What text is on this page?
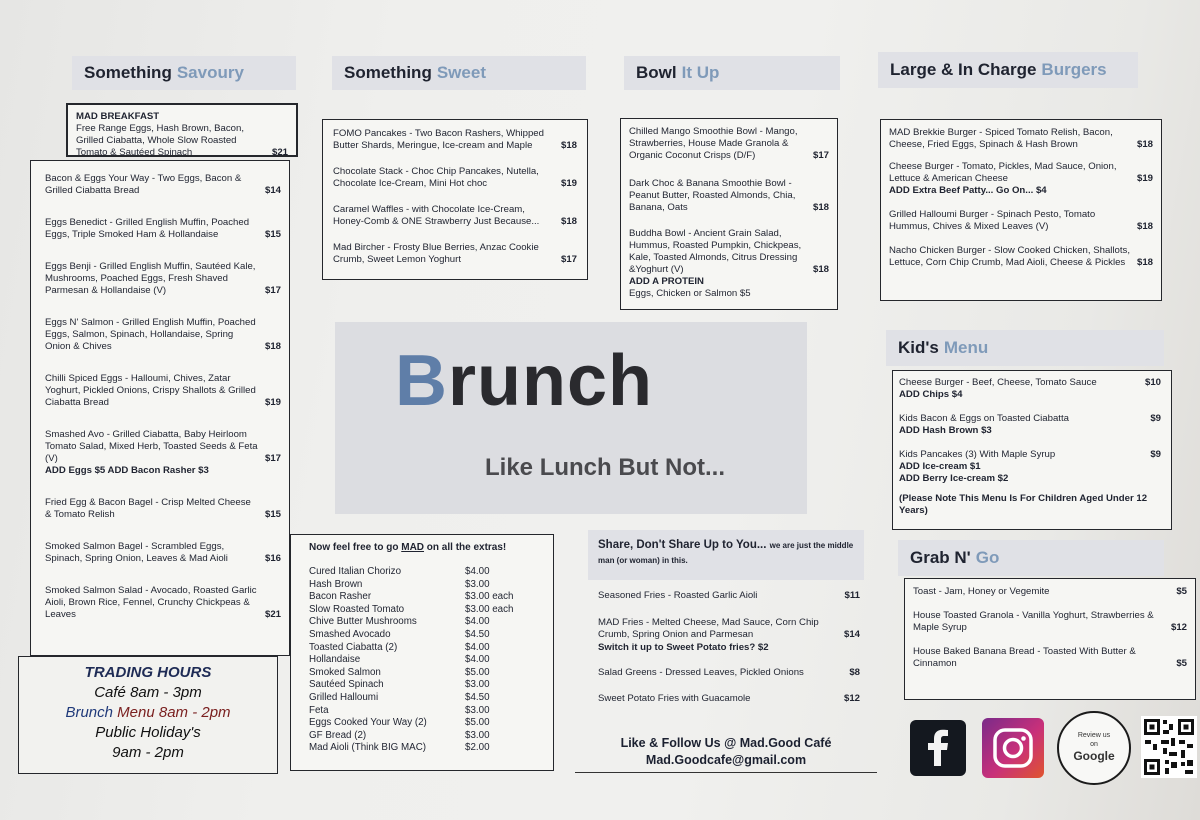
Something Savoury
MAD BREAKFAST
Free Range Eggs, Hash Brown, Bacon, Grilled Ciabatta, Whole Slow Roasted Tomato & Sautéed Spinach	$21
Bacon & Eggs Your Way - Two Eggs, Bacon & Grilled Ciabatta Bread	$14
Eggs Benedict - Grilled English Muffin, Poached Eggs, Triple Smoked Ham & Hollandaise	$15
Eggs Benji - Grilled English Muffin, Sautéed Kale, Mushrooms, Poached Eggs, Fresh Shaved Parmesan & Hollandaise (V)	$17
Eggs N' Salmon - Grilled English Muffin, Poached Eggs, Salmon, Spinach, Hollandaise, Spring Onion & Chives	$18
Chilli Spiced Eggs - Halloumi, Chives, Zatar Yoghurt, Pickled Onions, Crispy Shallots & Grilled Ciabatta Bread	$19
Smashed Avo - Grilled Ciabatta, Baby Heirloom Tomato Salad, Mixed Herb, Toasted Seeds & Feta (V)	$17
ADD Eggs $5 ADD Bacon Rasher $3
Fried Egg & Bacon Bagel - Crisp Melted Cheese & Tomato Relish	$15
Smoked Salmon Bagel - Scrambled Eggs, Spinach, Spring Onion, Leaves & Mad Aioli	$16
Smoked Salmon Salad - Avocado, Roasted Garlic Aioli, Brown Rice, Fennel, Crunchy Chickpeas & Leaves	$21
TRADING HOURS
Café 8am - 3pm
Brunch Menu 8am - 2pm
Public Holiday's
9am - 2pm
Something Sweet
FOMO Pancakes - Two Bacon Rashers, Whipped Butter Shards, Meringue, Ice-cream and Maple	$18
Chocolate Stack - Choc Chip Pancakes, Nutella, Chocolate Ice-Cream, Mini Hot choc	$19
Caramel Waffles - with Chocolate Ice-Cream, Honey-Comb & ONE Strawberry Just Because...	$18
Mad Bircher - Frosty Blue Berries, Anzac Cookie Crumb, Sweet Lemon Yoghurt	$17
Bowl It Up
Chilled Mango Smoothie Bowl - Mango, Strawberries, House Made Granola & Organic Coconut Crisps (D/F)	$17
Dark Choc & Banana Smoothie Bowl - Peanut Butter, Roasted Almonds, Chia, Banana, Oats	$18
Buddha Bowl - Ancient Grain Salad, Hummus, Roasted Pumpkin, Chickpeas, Kale, Toasted Almonds, Citrus Dressing &Yoghurt (V)	$18
ADD A PROTEIN
Eggs, Chicken or Salmon $5
Large & In Charge Burgers
MAD Brekkie Burger - Spiced Tomato Relish, Bacon, Cheese, Fried Eggs, Spinach & Hash Brown	$18
Cheese Burger - Tomato, Pickles, Mad Sauce, Onion, Lettuce & American Cheese	$19
ADD Extra Beef Patty... Go On... $4
Grilled Halloumi Burger - Spinach Pesto, Tomato Hummus, Chives & Mixed Leaves (V)	$18
Nacho Chicken Burger - Slow Cooked Chicken, Shallots, Lettuce, Corn Chip Crumb, Mad Aioli, Cheese & Pickles	$18
Kid's Menu
Cheese Burger - Beef, Cheese, Tomato Sauce	$10
ADD Chips $4
Kids Bacon & Eggs on Toasted Ciabatta	$9
ADD Hash Brown $3
Kids Pancakes (3) With Maple Syrup	$9
ADD Ice-cream $1
ADD Berry Ice-cream $2
(Please Note This Menu Is For Children Aged Under 12 Years)
Grab N' Go
Toast - Jam, Honey or Vegemite	$5
House Toasted Granola - Vanilla Yoghurt, Strawberries & Maple Syrup	$12
House Baked Banana Bread - Toasted With Butter & Cinnamon	$5
Brunch
Like Lunch But Not...
Now feel free to go MAD on all the extras!
Cured Italian Chorizo	$4.00
Hash Brown	$3.00
Bacon Rasher	$3.00 each
Slow Roasted Tomato	$3.00 each
Chive Butter Mushrooms	$4.00
Smashed Avocado	$4.50
Toasted Ciabatta (2)	$4.00
Hollandaise	$4.00
Smoked Salmon	$5.00
Sautéed Spinach	$3.00
Grilled Halloumi	$4.50
Feta	$3.00
Eggs Cooked Your Way (2)	$5.00
GF Bread (2)	$3.00
Mad Aioli (Think BIG MAC)	$2.00
Share, Don't Share Up to You... we are just the middle man (or woman) in this.
Seasoned Fries - Roasted Garlic Aioli	$11
MAD Fries - Melted Cheese, Mad Sauce, Corn Chip Crumb, Spring Onion and Parmesan	$14
Switch it up to Sweet Potato fries? $2
Salad Greens - Dressed Leaves, Pickled Onions	$8
Sweet Potato Fries with Guacamole	$12
Like & Follow Us @ Mad.Good Café
Mad.Goodcafe@gmail.com
Review us
on
Google
